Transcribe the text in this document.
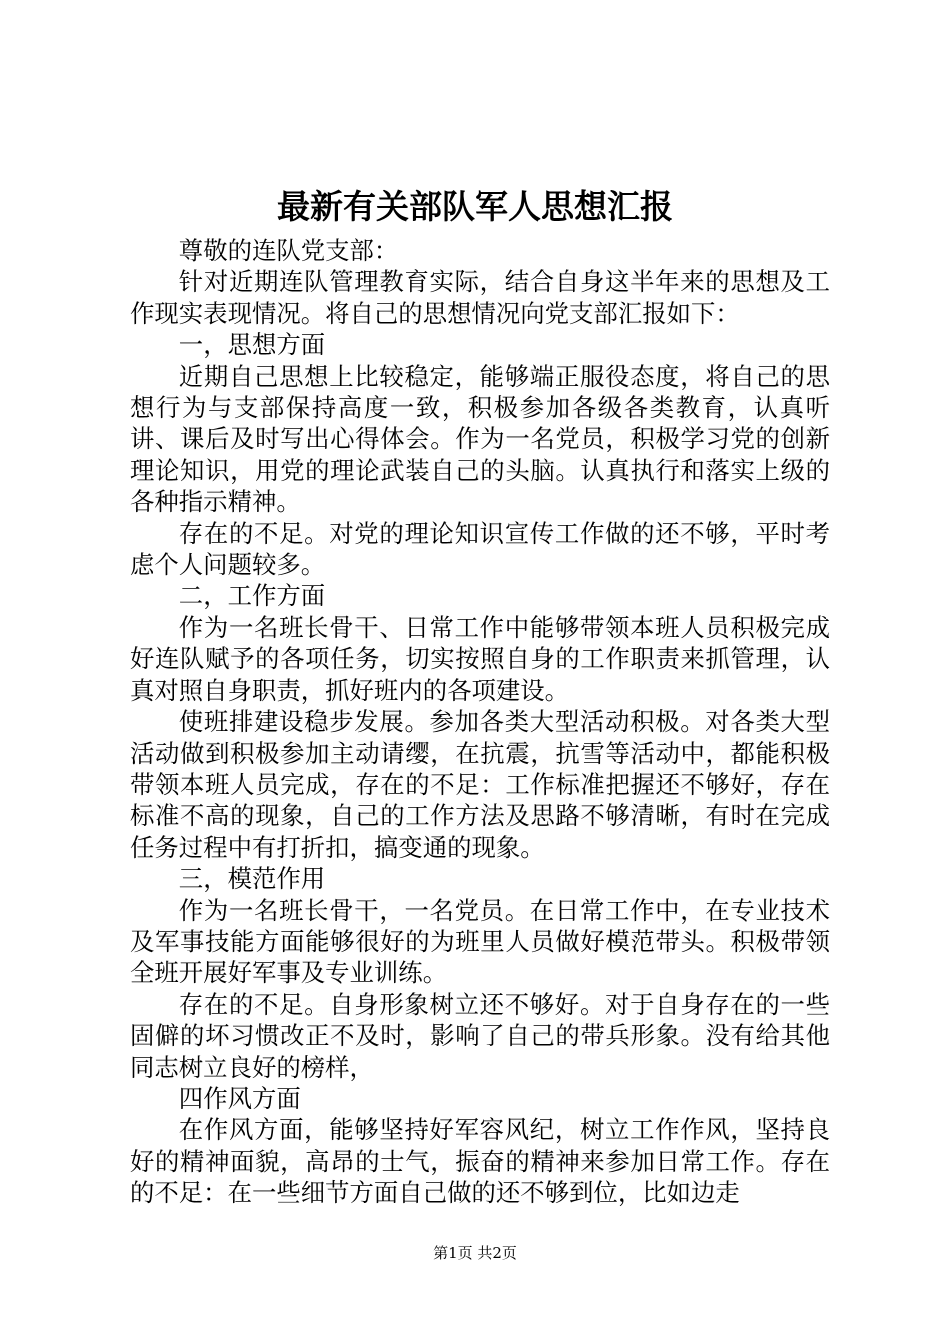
最新有关部队军人思想汇报

尊敬的连队党支部：

针对近期连队管理教育实际，结合自身这半年来的思想及工作现实表现情况。将自己的思想情况向党支部汇报如下：

一，思想方面

近期自己思想上比较稳定，能够端正服役态度，将自己的思想行为与支部保持高度一致，积极参加各级各类教育，认真听讲、课后及时写出心得体会。作为一名党员，积极学习党的创新理论知识，用党的理论武装自己的头脑。认真执行和落实上级的各种指示精神。

存在的不足。对党的理论知识宣传工作做的还不够，平时考虑个人问题较多。

二，工作方面

作为一名班长骨干、日常工作中能够带领本班人员积极完成好连队赋予的各项任务，切实按照自身的工作职责来抓管理，认真对照自身职责，抓好班内的各项建设。

使班排建设稳步发展。参加各类大型活动积极。对各类大型活动做到积极参加主动请缨，在抗震，抗雪等活动中，都能积极带领本班人员完成，存在的不足：工作标准把握还不够好，存在标准不高的现象，自己的工作方法及思路不够清晰，有时在完成任务过程中有打折扣，搞变通的现象。

三，模范作用

作为一名班长骨干，一名党员。在日常工作中，在专业技术及军事技能方面能够很好的为班里人员做好模范带头。积极带领全班开展好军事及专业训练。

存在的不足。自身形象树立还不够好。对于自身存在的一些固僻的坏习惯改正不及时，影响了自己的带兵形象。没有给其他同志树立良好的榜样，

四作风方面

在作风方面，能够坚持好军容风纪，树立工作作风，坚持良好的精神面貌，高昂的士气，振奋的精神来参加日常工作。存在的不足：在一些细节方面自己做的还不够到位，比如边走

第1页 共2页
